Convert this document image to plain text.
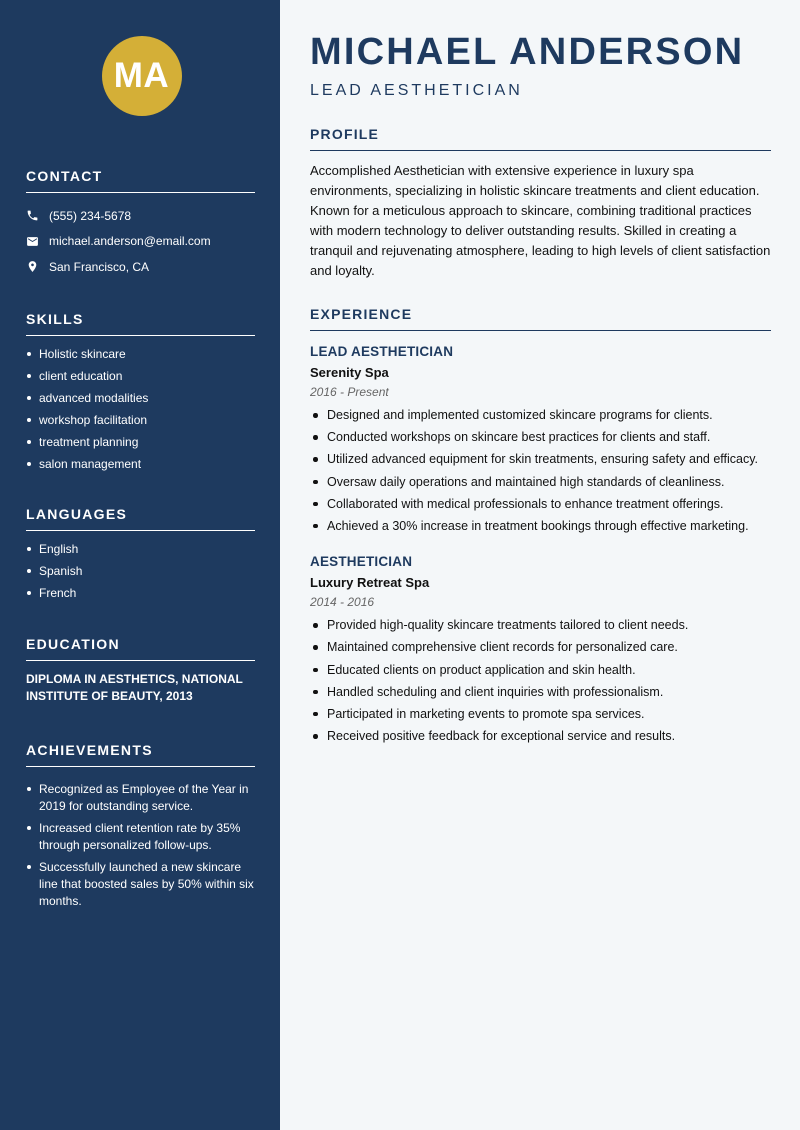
MA
CONTACT
(555) 234-5678
michael.anderson@email.com
San Francisco, CA
SKILLS
Holistic skincare
client education
advanced modalities
workshop facilitation
treatment planning
salon management
LANGUAGES
English
Spanish
French
EDUCATION
DIPLOMA IN AESTHETICS, NATIONAL INSTITUTE OF BEAUTY, 2013
ACHIEVEMENTS
Recognized as Employee of the Year in 2019 for outstanding service.
Increased client retention rate by 35% through personalized follow-ups.
Successfully launched a new skincare line that boosted sales by 50% within six months.
MICHAEL ANDERSON
LEAD AESTHETICIAN
PROFILE
Accomplished Aesthetician with extensive experience in luxury spa environments, specializing in holistic skincare treatments and client education. Known for a meticulous approach to skincare, combining traditional practices with modern technology to deliver outstanding results. Skilled in creating a tranquil and rejuvenating atmosphere, leading to high levels of client satisfaction and loyalty.
EXPERIENCE
LEAD AESTHETICIAN
Serenity Spa
2016 - Present
Designed and implemented customized skincare programs for clients.
Conducted workshops on skincare best practices for clients and staff.
Utilized advanced equipment for skin treatments, ensuring safety and efficacy.
Oversaw daily operations and maintained high standards of cleanliness.
Collaborated with medical professionals to enhance treatment offerings.
Achieved a 30% increase in treatment bookings through effective marketing.
AESTHETICIAN
Luxury Retreat Spa
2014 - 2016
Provided high-quality skincare treatments tailored to client needs.
Maintained comprehensive client records for personalized care.
Educated clients on product application and skin health.
Handled scheduling and client inquiries with professionalism.
Participated in marketing events to promote spa services.
Received positive feedback for exceptional service and results.
